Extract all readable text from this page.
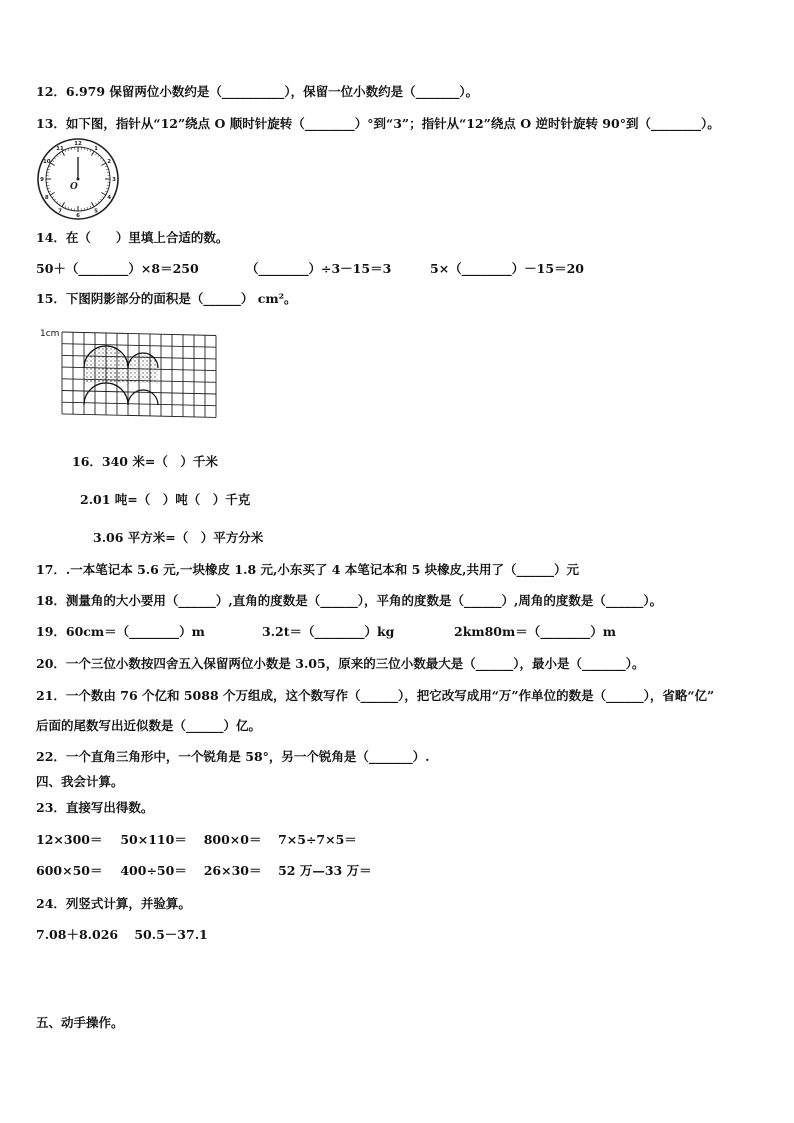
12．6.979 保留两位小数约是（__________），保留一位小数约是（_______）。
13．如下图，指针从“12”绕点 O 顺时针旋转（________）°到“3”；指针从“12”绕点 O 逆时针旋转 90°到（________）。
12
1
2
3
4
5
6
7
8
9
10
11
O
14．在（　　）里填上合适的数。
50＋（________）×8＝250	（________）÷3－15＝3	5×（________）－15＝20
15．下图阴影部分的面积是（______） cm²。
1cm
16．340 米=（　）千米
2.01 吨=（　）吨（　）千克
3.06 平方米=（　）平方分米
17．.一本笔记本 5.6 元,一块橡皮 1.8 元,小东买了 4 本笔记本和 5 块橡皮,共用了（______）元
18．测量角的大小要用（______）,直角的度数是（______），平角的度数是（______）,周角的度数是（______）。
19．60cm＝（________）m	3.2t＝（________）kg	2km80m＝（________）m
20．一个三位小数按四舍五入保留两位小数是 3.05，原来的三位小数最大是（______），最小是（_______）。
21．一个数由 76 个亿和 5088 个万组成，这个数写作（______），把它改写成用“万”作单位的数是（______），省略“亿”
后面的尾数写出近似数是（______）亿。
22．一个直角三角形中，一个锐角是 58°，另一个锐角是（_______）.
四、我会计算。
23．直接写出得数。
12×300＝ 50×110＝ 800×0＝ 7×5÷7×5＝
600×50＝ 400÷50＝ 26×30＝ 52 万—33 万＝
24．列竖式计算，并验算。
7.08＋8.026 50.5－37.1
五、动手操作。
